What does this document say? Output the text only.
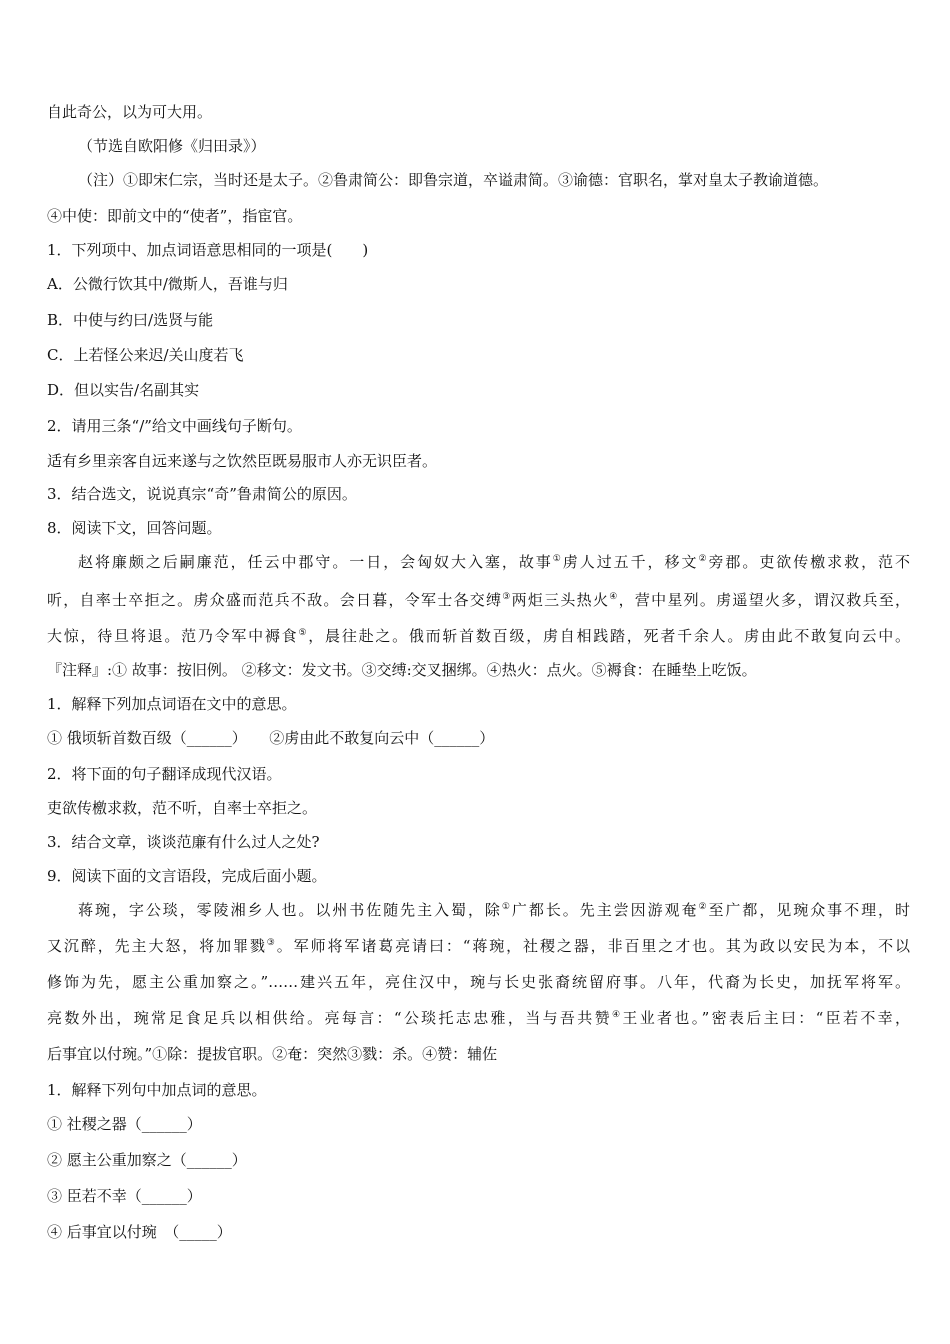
自此奇公，以为可大用。
（节选自欧阳修《归田录》）
（注）①即宋仁宗，当时还是太子。②鲁肃简公：即鲁宗道，卒谥肃简。③谕德：官职名，掌对皇太子教谕道德。
④中使：即前文中的“使者”，指宦官。
1．下列项中、加点词语意思相同的一项是(　　)
A．公微行饮其中/微斯人，吾谁与归
B．中使与约曰/选贤与能
C．上若怪公来迟/关山度若飞
D．但以实告/名副其实
2．请用三条“/”给文中画线句子断句。
适有乡里亲客自远来遂与之饮然臣既易服市人亦无识臣者。
3．结合选文，说说真宗“奇”鲁肃简公的原因。
8．阅读下文，回答问题。
赵将廉颇之后嗣廉范，任云中郡守。一日，会匈奴大入塞，故事①虏人过五千，移文②旁郡。吏欲传檄求救，范不
听，自率士卒拒之。虏众盛而范兵不敌。会日暮，令军士各交缚③两炬三头热火④，营中星列。虏遥望火多，谓汉救兵至，
大惊，待旦将退。范乃令军中褥食⑤，晨往赴之。俄而斩首数百级，虏自相践踏，死者千余人。虏由此不敢复向云中。
『注释』:① 故事：按旧例。 ②移文：发文书。③交缚:交叉捆绑。④热火：点火。⑤褥食：在睡垫上吃饭。
1．解释下列加点词语在文中的意思。
① 俄顷斩首数百级（______）　　②虏由此不敢复向云中（______）
2．将下面的句子翻译成现代汉语。
吏欲传檄求救，范不听，自率士卒拒之。
3．结合文章，谈谈范廉有什么过人之处?
9．阅读下面的文言语段，完成后面小题。
蒋琬，字公琰，零陵湘乡人也。以州书佐随先主入蜀，除①广都长。先主尝因游观奄②至广都，见琬众事不理，时
又沉醉，先主大怒，将加罪戮③。军师将军诸葛亮请曰：“蒋琬，社稷之器，非百里之才也。其为政以安民为本，不以
修饰为先，愿主公重加察之。”……建兴五年，亮住汉中，琬与长史张裔统留府事。八年，代裔为长史，加抚军将军。
亮数外出，琬常足食足兵以相供给。亮每言：“公琰托志忠雅，当与吾共赞④王业者也。”密表后主曰：“臣若不幸，
后事宜以付琬。”①除：提拔官职。②奄：突然③戮：杀。④赞：辅佐
1．解释下列句中加点词的意思。
① 社稷之器（______）
② 愿主公重加察之（______）
③ 臣若不幸（______）
④ 后事宜以付琬　（_____）
